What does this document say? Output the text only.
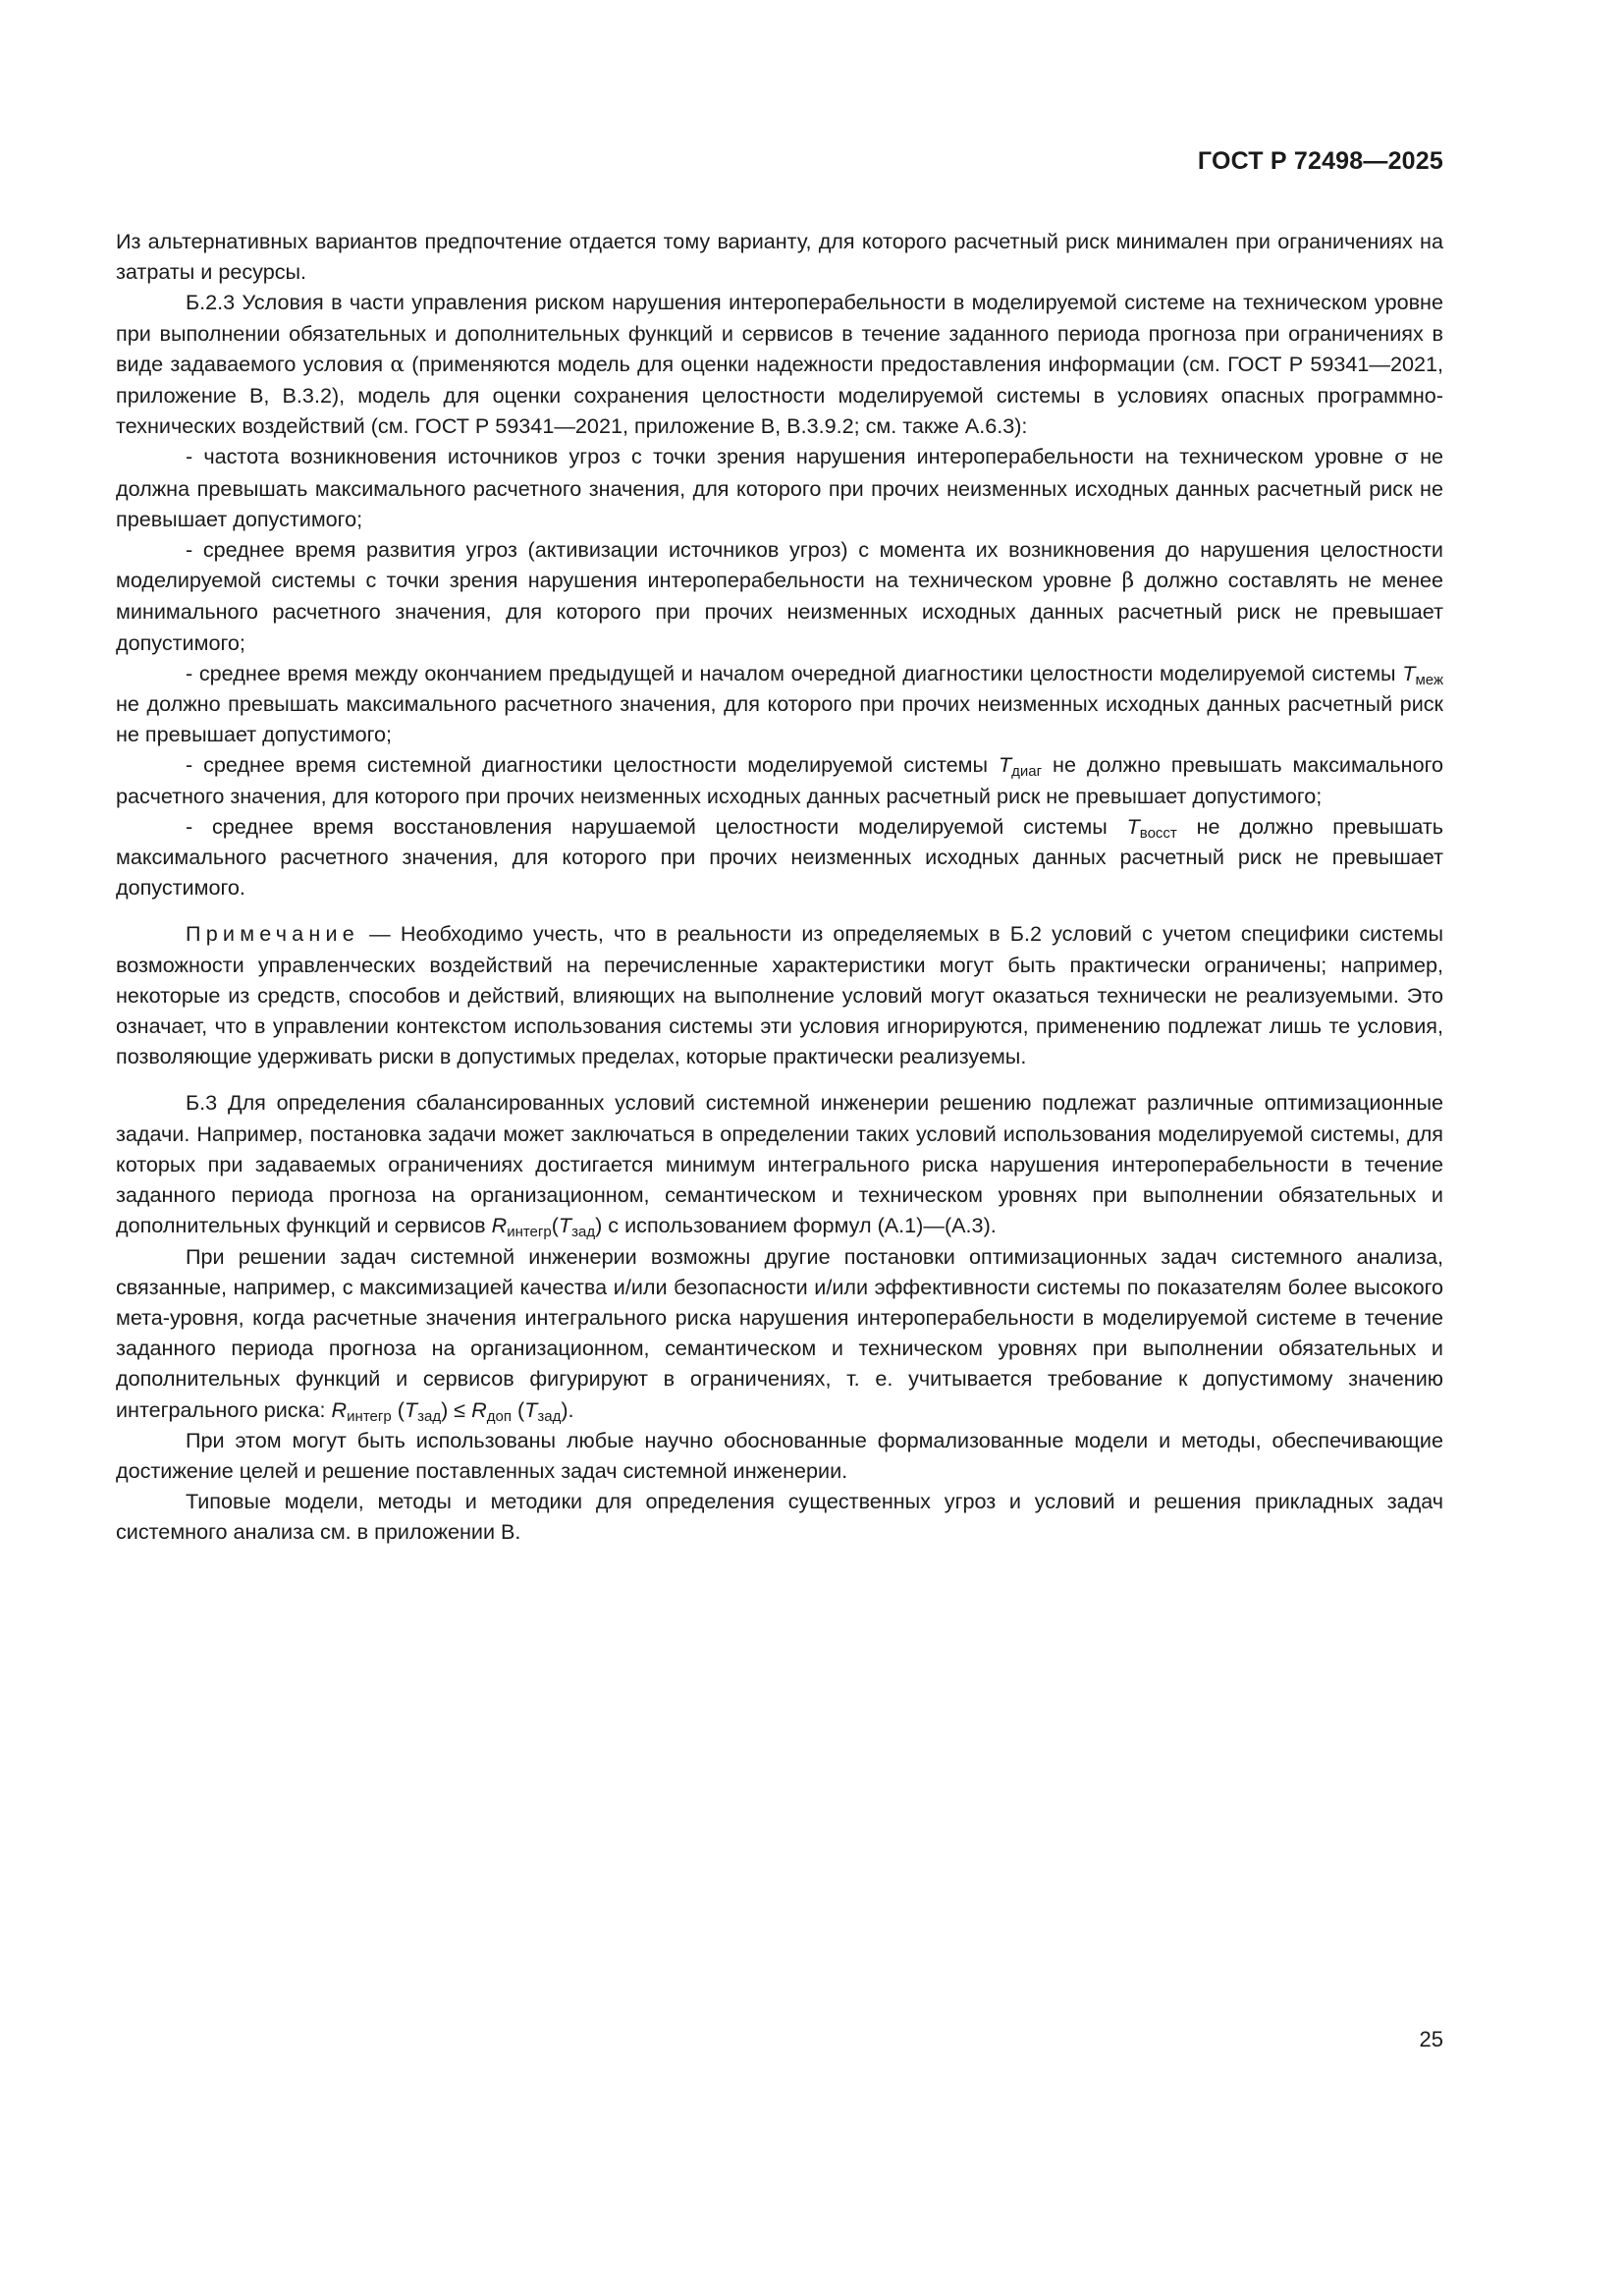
ГОСТ Р 72498—2025

Из альтернативных вариантов предпочтение отдается тому варианту, для которого расчетный риск минимален при ограничениях на затраты и ресурсы.

Б.2.3 Условия в части управления риском нарушения интероперабельности в моделируемой системе на техническом уровне при выполнении обязательных и дополнительных функций и сервисов в течение заданного периода прогноза при ограничениях в виде задаваемого условия α (применяются модель для оценки надежности предоставления информации (см. ГОСТ Р 59341—2021, приложение В, В.3.2), модель для оценки сохранения целостности моделируемой системы в условиях опасных программно-технических воздействий (см. ГОСТ Р 59341—2021, приложение В, В.3.9.2; см. также А.6.3):

- частота возникновения источников угроз с точки зрения нарушения интероперабельности на техническом уровне σ не должна превышать максимального расчетного значения, для которого при прочих неизменных исходных данных расчетный риск не превышает допустимого;

- среднее время развития угроз (активизации источников угроз) с момента их возникновения до нарушения целостности моделируемой системы с точки зрения нарушения интероперабельности на техническом уровне β должно составлять не менее минимального расчетного значения, для которого при прочих неизменных исходных данных расчетный риск не превышает допустимого;

- среднее время между окончанием предыдущей и началом очередной диагностики целостности моделируемой системы $T_{меж}$ не должно превышать максимального расчетного значения, для которого при прочих неизменных исходных данных расчетный риск не превышает допустимого;

- среднее время системной диагностики целостности моделируемой системы $T_{диаг}$ не должно превышать максимального расчетного значения, для которого при прочих неизменных исходных данных расчетный риск не превышает допустимого;

- среднее время восстановления нарушаемой целостности моделируемой системы $T_{восст}$ не должно превышать максимального расчетного значения, для которого при прочих неизменных исходных данных расчетный риск не превышает допустимого.

Примечание — Необходимо учесть, что в реальности из определяемых в Б.2 условий с учетом специфики системы возможности управленческих воздействий на перечисленные характеристики могут быть практически ограничены; например, некоторые из средств, способов и действий, влияющих на выполнение условий могут оказаться технически не реализуемыми. Это означает, что в управлении контекстом использования системы эти условия игнорируются, применению подлежат лишь те условия, позволяющие удерживать риски в допустимых пределах, которые практически реализуемы.

Б.3 Для определения сбалансированных условий системной инженерии решению подлежат различные оптимизационные задачи. Например, постановка задачи может заключаться в определении таких условий использования моделируемой системы, для которых при задаваемых ограничениях достигается минимум интегрального риска нарушения интероперабельности в течение заданного периода прогноза на организационном, семантическом и техническом уровнях при выполнении обязательных и дополнительных функций и сервисов $R_{интегр}(T_{зад})$ с использованием формул (А.1)—(А.3).

При решении задач системной инженерии возможны другие постановки оптимизационных задач системного анализа, связанные, например, с максимизацией качества и/или безопасности и/или эффективности системы по показателям более высокого мета-уровня, когда расчетные значения интегрального риска нарушения интероперабельности в моделируемой системе в течение заданного периода прогноза на организационном, семантическом и техническом уровнях при выполнении обязательных и дополнительных функций и сервисов фигурируют в ограничениях, т. е. учитывается требование к допустимому значению интегрального риска: $R_{интегр}$ $(T_{зад}) \le R_{доп}$ $(T_{зад})$.

При этом могут быть использованы любые научно обоснованные формализованные модели и методы, обеспечивающие достижение целей и решение поставленных задач системной инженерии.

Типовые модели, методы и методики для определения существенных угроз и условий и решения прикладных задач системного анализа см. в приложении В.

25
